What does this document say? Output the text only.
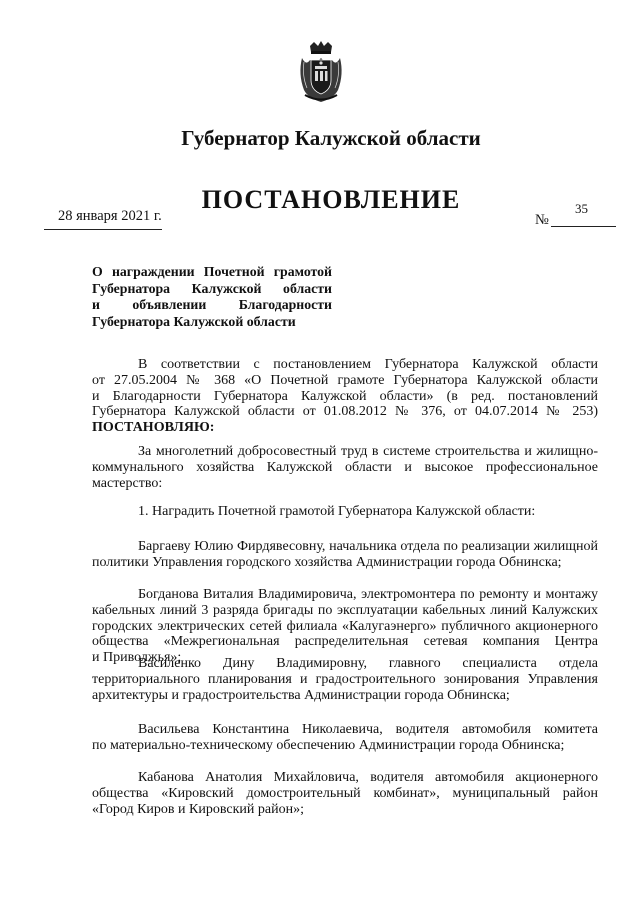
Губернатор Калужской области
ПОСТАНОВЛЕНИЕ
28 января 2021 г.	№
35
О награждении Почетной грамотой
Губернатора Калужской области
и объявлении Благодарности
Губернатора Калужской области
В соответствии с постановлением Губернатора Калужской области
от 27.05.2004 № 368 «О Почетной грамоте Губернатора Калужской области
и Благодарности Губернатора Калужской области» (в ред. постановлений
Губернатора Калужской области от 01.08.2012 № 376, от 04.07.2014 № 253)
ПОСТАНОВЛЯЮ:
За многолетний добросовестный труд в системе строительства и жилищно-
коммунального хозяйства Калужской области и высокое профессиональное
мастерство:
1. Наградить Почетной грамотой Губернатора Калужской области:
Баргаеву Юлию Фирдявесовну, начальника отдела по реализации жилищной
политики Управления городского хозяйства Администрации города Обнинска;
Богданова Виталия Владимировича, электромонтера по ремонту и монтажу
кабельных линий 3 разряда бригады по эксплуатации кабельных линий Калужских
городских электрических сетей филиала «Калугаэнерго» публичного акционерного
общества «Межрегиональная распределительная сетевая компания Центра
и Приволжья»;
Василенко Дину Владимировну, главного специалиста отдела
территориального планирования и градостроительного зонирования Управления
архитектуры и градостроительства Администрации города Обнинска;
Васильева Константина Николаевича, водителя автомобиля комитета
по материально-техническому обеспечению Администрации города Обнинска;
Кабанова Анатолия Михайловича, водителя автомобиля акционерного
общества «Кировский домостроительный комбинат», муниципальный район
«Город Киров и Кировский район»;
